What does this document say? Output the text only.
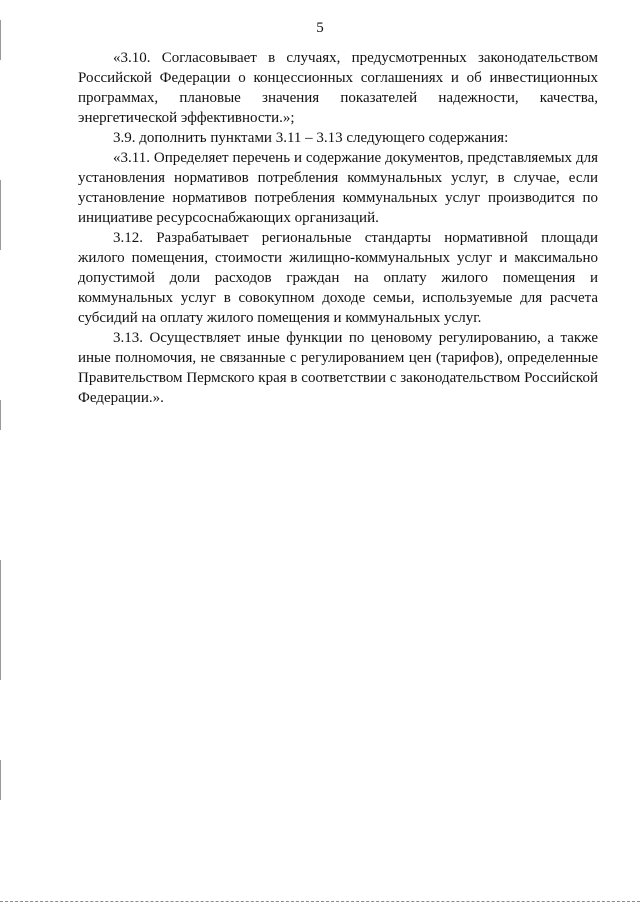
5

«3.10. Согласовывает в случаях, предусмотренных законодательством Российской Федерации о концессионных соглашениях и об инвестиционных программах, плановые значения показателей надежности, качества, энергетической эффективности.»;

3.9. дополнить пунктами 3.11 – 3.13 следующего содержания:

«3.11. Определяет перечень и содержание документов, представляемых для установления нормативов потребления коммунальных услуг, в случае, если установление нормативов потребления коммунальных услуг производится по инициативе ресурсоснабжающих организаций.

3.12. Разрабатывает региональные стандарты нормативной площади жилого помещения, стоимости жилищно-коммунальных услуг и максимально допустимой доли расходов граждан на оплату жилого помещения и коммунальных услуг в совокупном доходе семьи, используемые для расчета субсидий на оплату жилого помещения и коммунальных услуг.

3.13. Осуществляет иные функции по ценовому регулированию, а также иные полномочия, не связанные с регулированием цен (тарифов), определенные Правительством Пермского края в соответствии с законодательством Российской Федерации.».
